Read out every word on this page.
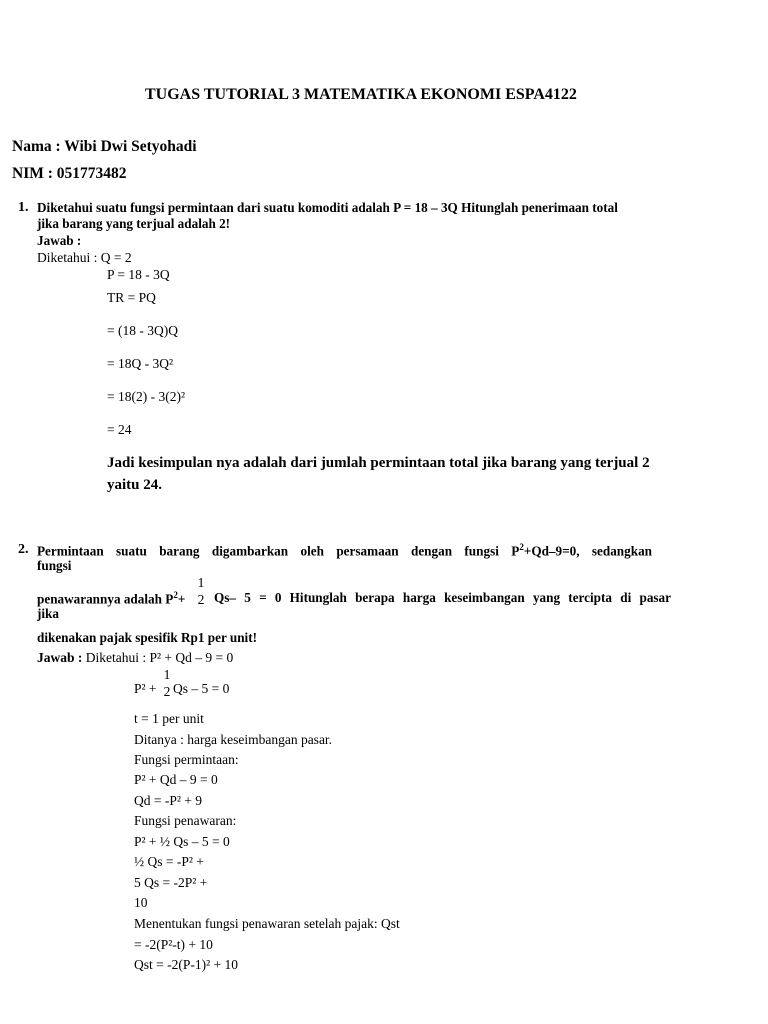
TUGAS TUTORIAL 3 MATEMATIKA EKONOMI ESPA4122
Nama : Wibi Dwi Setyohadi
NIM : 051773482
1. Diketahui suatu fungsi permintaan dari suatu komoditi adalah P = 18 – 3Q Hitunglah penerimaan total
jika barang yang terjual adalah 2!
Jawab :
Diketahui : Q = 2
P = 18 - 3Q
TR = PQ
= (18 - 3Q)Q
= 18Q - 3Q²
= 18(2) - 3(2)²
= 24
Jadi kesimpulan nya adalah dari jumlah permintaan total jika barang yang terjual 2
yaitu 24.
2. Permintaan suatu barang digambarkan oleh persamaan dengan fungsi $P^2+Qd-9=0$, sedangkan
fungsi
penawarannya adalah $P^2+$
1
2 Qs– 5 = 0 Hitunglah berapa harga keseimbangan yang tercipta di pasar
jika
dikenakan pajak spesifik Rp1 per unit!
Jawab : Diketahui : P² + Qd – 9 = 0
P² +
1
2 Qs – 5 = 0
t = 1 per unit
Ditanya : harga keseimbangan pasar.
Fungsi permintaan:
P² + Qd – 9 = 0
Qd = -P² + 9
Fungsi penawaran:
P² + ½ Qs – 5 = 0
½ Qs = -P² +
5 Qs = -2P² +
10
Menentukan fungsi penawaran setelah pajak: Qst
= -2(P²-t) + 10
Qst = -2(P-1)² + 10
